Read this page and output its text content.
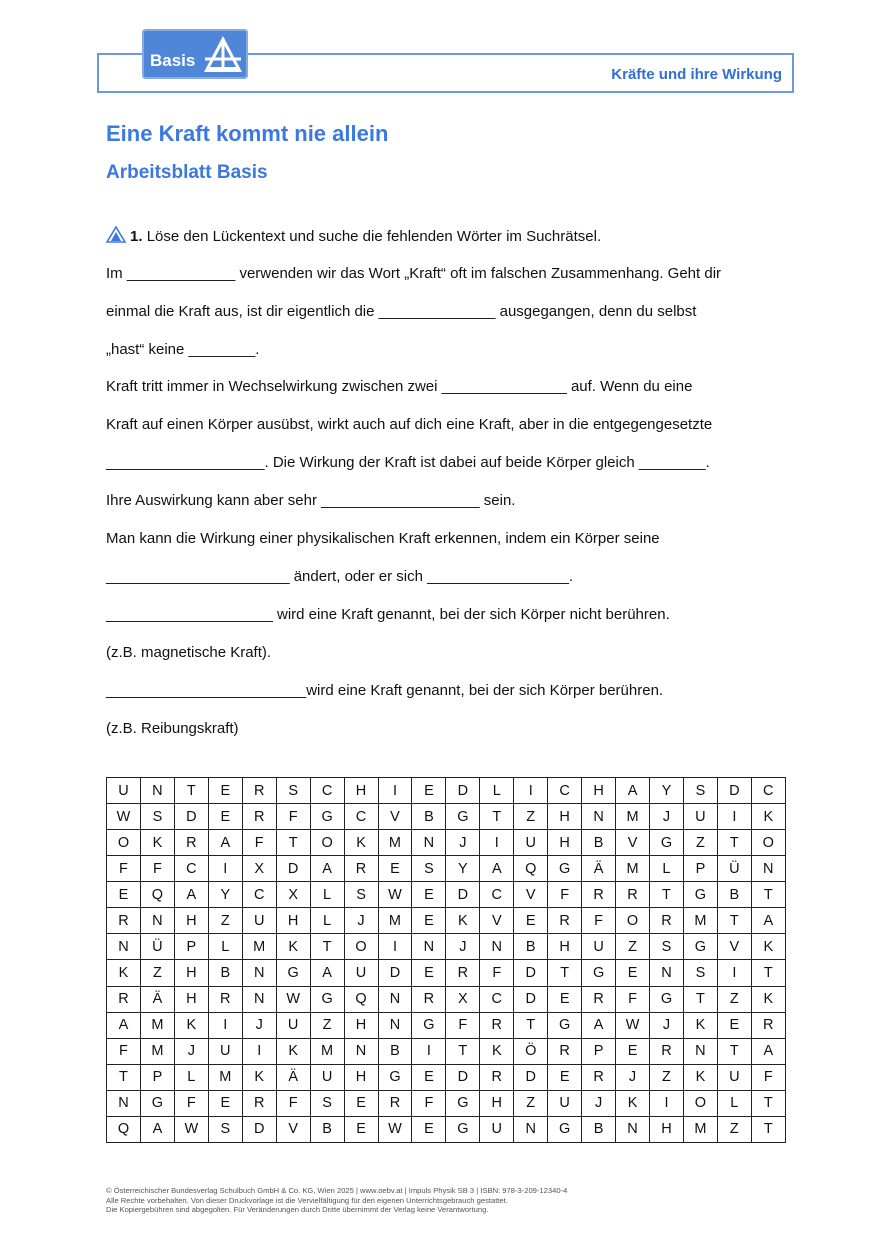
Kräfte und ihre Wirkung
Basis
Eine Kraft kommt nie allein
Arbeitsblatt Basis
1. Löse den Lückentext und suche die fehlenden Wörter im Suchrätsel.
Im _____________ verwenden wir das Wort „Kraft“ oft im falschen Zusammenhang. Geht dir
einmal die Kraft aus, ist dir eigentlich die ______________ ausgegangen, denn du selbst
„hast“ keine ________.
Kraft tritt immer in Wechselwirkung zwischen zwei _______________ auf. Wenn du eine
Kraft auf einen Körper ausübst, wirkt auch auf dich eine Kraft, aber in die entgegengesetzte
___________________. Die Wirkung der Kraft ist dabei auf beide Körper gleich ________.
Ihre Auswirkung kann aber sehr ___________________ sein.
Man kann die Wirkung einer physikalischen Kraft erkennen, indem ein Körper seine
______________________ ändert, oder er sich _________________.
____________________ wird eine Kraft genannt, bei der sich Körper nicht berühren.
(z.B. magnetische Kraft).
________________________wird eine Kraft genannt, bei der sich Körper berühren.
(z.B. Reibungskraft)
U	N	T	E	R	S	C	H	I	E	D	L	I	C	H	A	Y	S	D	C
W	S	D	E	R	F	G	C	V	B	G	T	Z	H	N	M	J	U	I	K
O	K	R	A	F	T	O	K	M	N	J	I	U	H	B	V	G	Z	T	O
F	F	C	I	X	D	A	R	E	S	Y	A	Q	G	Ä	M	L	P	Ü	N
E	Q	A	Y	C	X	L	S	W	E	D	C	V	F	R	R	T	G	B	T
R	N	H	Z	U	H	L	J	M	E	K	V	E	R	F	O	R	M	T	A
N	Ü	P	L	M	K	T	O	I	N	J	N	B	H	U	Z	S	G	V	K
K	Z	H	B	N	G	A	U	D	E	R	F	D	T	G	E	N	S	I	T
R	Ä	H	R	N	W	G	Q	N	R	X	C	D	E	R	F	G	T	Z	K
A	M	K	I	J	U	Z	H	N	G	F	R	T	G	A	W	J	K	E	R
F	M	J	U	I	K	M	N	B	I	T	K	Ö	R	P	E	R	N	T	A
T	P	L	M	K	Ä	U	H	G	E	D	R	D	E	R	J	Z	K	U	F
N	G	F	E	R	F	S	E	R	F	G	H	Z	U	J	K	I	O	L	T
Q	A	W	S	D	V	B	E	W	E	G	U	N	G	B	N	H	M	Z	T
© Österreichischer Bundesverlag Schulbuch GmbH & Co. KG, Wien 2025 | www.oebv.at | Impuls Physik SB 3 | ISBN: 978-3-209-12340-4
Alle Rechte vorbehalten. Von dieser Druckvorlage ist die Vervielfältigung für den eigenen Unterrichtsgebrauch gestattet.
Die Kopiergebühren sind abgegolten. Für Veränderungen durch Dritte übernimmt der Verlag keine Verantwortung.
